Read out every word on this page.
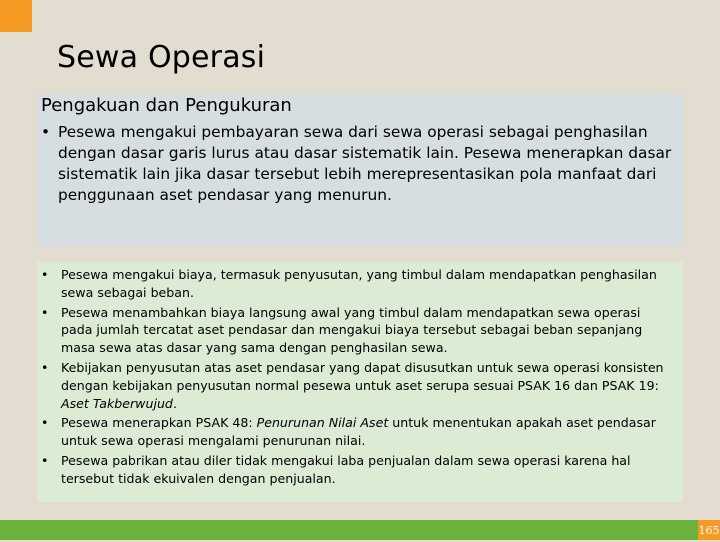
Sewa Operasi
Pengakuan dan Pengukuran
• Pesewa mengakui pembayaran sewa dari sewa operasi sebagai penghasilan dengan dasar garis lurus atau dasar sistematik lain. Pesewa menerapkan dasar sistematik lain jika dasar tersebut lebih merepresentasikan pola manfaat dari penggunaan aset pendasar yang menurun.
• Pesewa mengakui biaya, termasuk penyusutan, yang timbul dalam mendapatkan penghasilan sewa sebagai beban.
• Pesewa menambahkan biaya langsung awal yang timbul dalam mendapatkan sewa operasi pada jumlah tercatat aset pendasar dan mengakui biaya tersebut sebagai beban sepanjang masa sewa atas dasar yang sama dengan penghasilan sewa.
• Kebijakan penyusutan atas aset pendasar yang dapat disusutkan untuk sewa operasi konsisten dengan kebijakan penyusutan normal pesewa untuk aset serupa sesuai PSAK 16 dan PSAK 19: Aset Takberwujud.
• Pesewa menerapkan PSAK 48: Penurunan Nilai Aset untuk menentukan apakah aset pendasar untuk sewa operasi mengalami penurunan nilai.
• Pesewa pabrikan atau diler tidak mengakui laba penjualan dalam sewa operasi karena hal tersebut tidak ekuivalen dengan penjualan.
165
